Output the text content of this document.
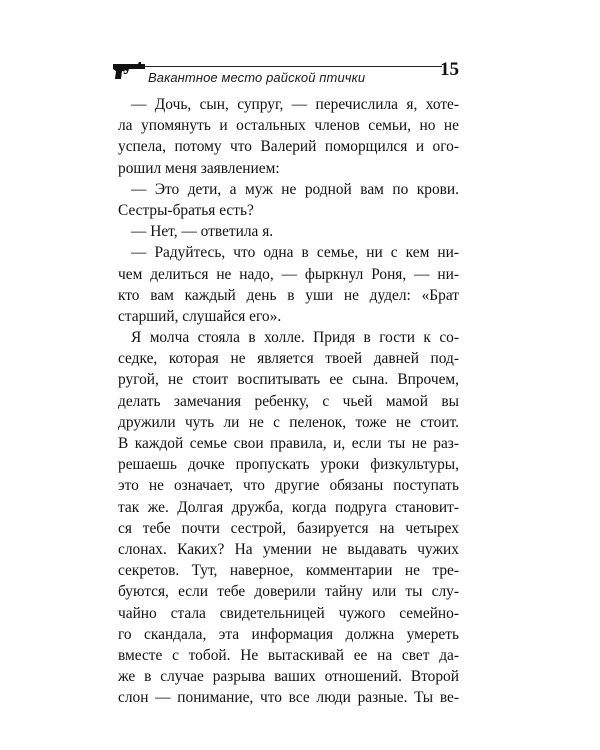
Вакантное место райской птички	15
— Дочь, сын, супруг, — перечислила я, хоте-
ла упомянуть и остальных членов семьи, но не
успела, потому что Валерий поморщился и ого-
рошил меня заявлением:
— Это дети, а муж не родной вам по крови.
Сестры-братья есть?
— Нет, — ответила я.
— Радуйтесь, что одна в семье, ни с кем ни-
чем делиться не надо, — фыркнул Роня, — ни-
кто вам каждый день в уши не дудел: «Брат
старший, слушайся его».
Я молча стояла в холле. Придя в гости к со-
седке, которая не является твоей давней под-
ругой, не стоит воспитывать ее сына. Впрочем,
делать замечания ребенку, с чьей мамой вы
дружили чуть ли не с пеленок, тоже не стоит.
В каждой семье свои правила, и, если ты не раз-
решаешь дочке пропускать уроки физкультуры,
это не означает, что другие обязаны поступать
так же. Долгая дружба, когда подруга становит-
ся тебе почти сестрой, базируется на четырех
слонах. Каких? На умении не выдавать чужих
секретов. Тут, наверное, комментарии не тре-
буются, если тебе доверили тайну или ты слу-
чайно стала свидетельницей чужого семейно-
го скандала, эта информация должна умереть
вместе с тобой. Не вытаскивай ее на свет да-
же в случае разрыва ваших отношений. Второй
слон — понимание, что все люди разные. Ты ве-
